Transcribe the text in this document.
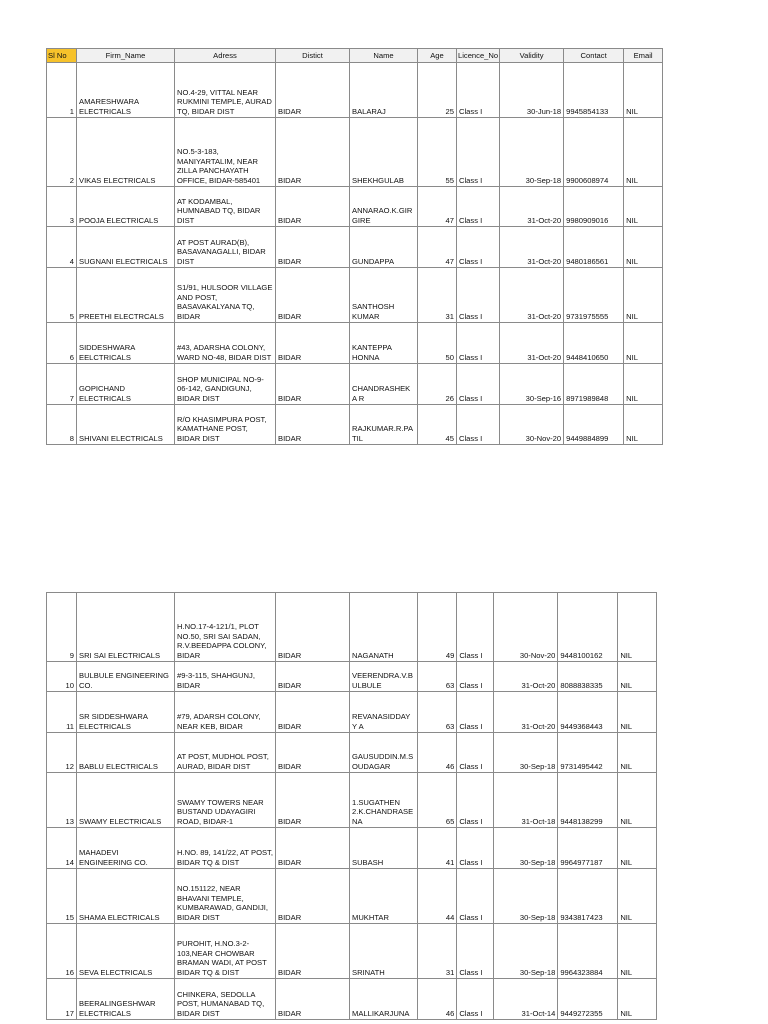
Sl No	Firm_Name	Adress	Distict	Name	Age	Licence_No	Validity	Contact	Email
1	AMARESHWARA ELECTRICALS	NO.4-29, VITTAL NEAR RUKMINI TEMPLE, AURAD TQ, BIDAR DIST	BIDAR	BALARAJ	25	Class I	30-Jun-18	9945854133	NIL
2	VIKAS ELECTRICALS	NO.5-3-183, MANIYARTALIM, NEAR ZILLA PANCHAYATH OFFICE, BIDAR-585401	BIDAR	SHEKHGULAB	55	Class I	30-Sep-18	9900608974	NIL
3	POOJA ELECTRICALS	AT KODAMBAL, HUMNABAD TQ, BIDAR DIST	BIDAR	ANNARAO.K.GIR GIRE	47	Class I	31-Oct-20	9980909016	NIL
4	SUGNANI ELECTRICALS	AT POST AURAD(B), BASAVANAGALLI, BIDAR DIST	BIDAR	GUNDAPPA	47	Class I	31-Oct-20	9480186561	NIL
5	PREETHI ELECTRCALS	S1/91, HULSOOR VILLAGE AND POST, BASAVAKALYANA TQ, BIDAR	BIDAR	SANTHOSH KUMAR	31	Class I	31-Oct-20	9731975555	NIL
6	SIDDESHWARA EELCTRICALS	#43, ADARSHA COLONY, WARD NO-48, BIDAR DIST	BIDAR	KANTEPPA HONNA	50	Class I	31-Oct-20	9448410650	NIL
7	GOPICHAND ELECTRICALS	SHOP MUNICIPAL NO-9-06-142, GANDIGUNJ, BIDAR DIST	BIDAR	CHANDRASHEKA R	26	Class I	30-Sep-16	8971989848	NIL
8	SHIVANI ELECTRICALS	R/O KHASIMPURA POST, KAMATHANE POST, BIDAR DIST	BIDAR	RAJKUMAR.R.PA TIL	45	Class I	30-Nov-20	9449884899	NIL
9	SRI SAI ELECTRICALS	H.NO.17-4-121/1, PLOT NO.50, SRI SAI SADAN, R.V.BEEDAPPA COLONY, BIDAR	BIDAR	NAGANATH	49	Class I	30-Nov-20	9448100162	NIL
10	BULBULE ENGINEERING CO.	#9-3-115, SHAHGUNJ, BIDAR	BIDAR	VEERENDRA.V.B ULBULE	63	Class I	31-Oct-20	8088838335	NIL
11	SR SIDDESHWARA ELECTRICALS	#79, ADARSH COLONY, NEAR KEB, BIDAR	BIDAR	REVANASIDDAYY A	63	Class I	31-Oct-20	9449368443	NIL
12	BABLU ELECTRICALS	AT POST, MUDHOL POST, AURAD, BIDAR DIST	BIDAR	GAUSUDDIN.M.S OUDAGAR	46	Class I	30-Sep-18	9731495442	NIL
13	SWAMY ELECTRICALS	SWAMY TOWERS NEAR BUSTAND UDAYAGIRI ROAD, BIDAR-1	BIDAR	1.SUGATHEN 2.K.CHANDRASE NA	65	Class I	31-Oct-18	9448138299	NIL
14	MAHADEVI ENGINEERING CO.	H.NO. 89, 141/22, AT POST, BIDAR TQ & DIST	BIDAR	SUBASH	41	Class I	30-Sep-18	9964977187	NIL
15	SHAMA ELECTRICALS	NO.151122, NEAR BHAVANI TEMPLE, KUMBARAWAD, GANDIJI, BIDAR DIST	BIDAR	MUKHTAR	44	Class I	30-Sep-18	9343817423	NIL
16	SEVA ELECTRICALS	PUROHIT, H.NO.3-2-103,NEAR CHOWBAR BRAMAN WADI, AT POST BIDAR TQ & DIST	BIDAR	SRINATH	31	Class I	30-Sep-18	9964323884	NIL
17	BEERALINGESHWAR ELECTRICALS	CHINKERA, SEDOLLA POST, HUMANABAD TQ, BIDAR DIST	BIDAR	MALLIKARJUNA	46	Class I	31-Oct-14	9449272355	NIL
